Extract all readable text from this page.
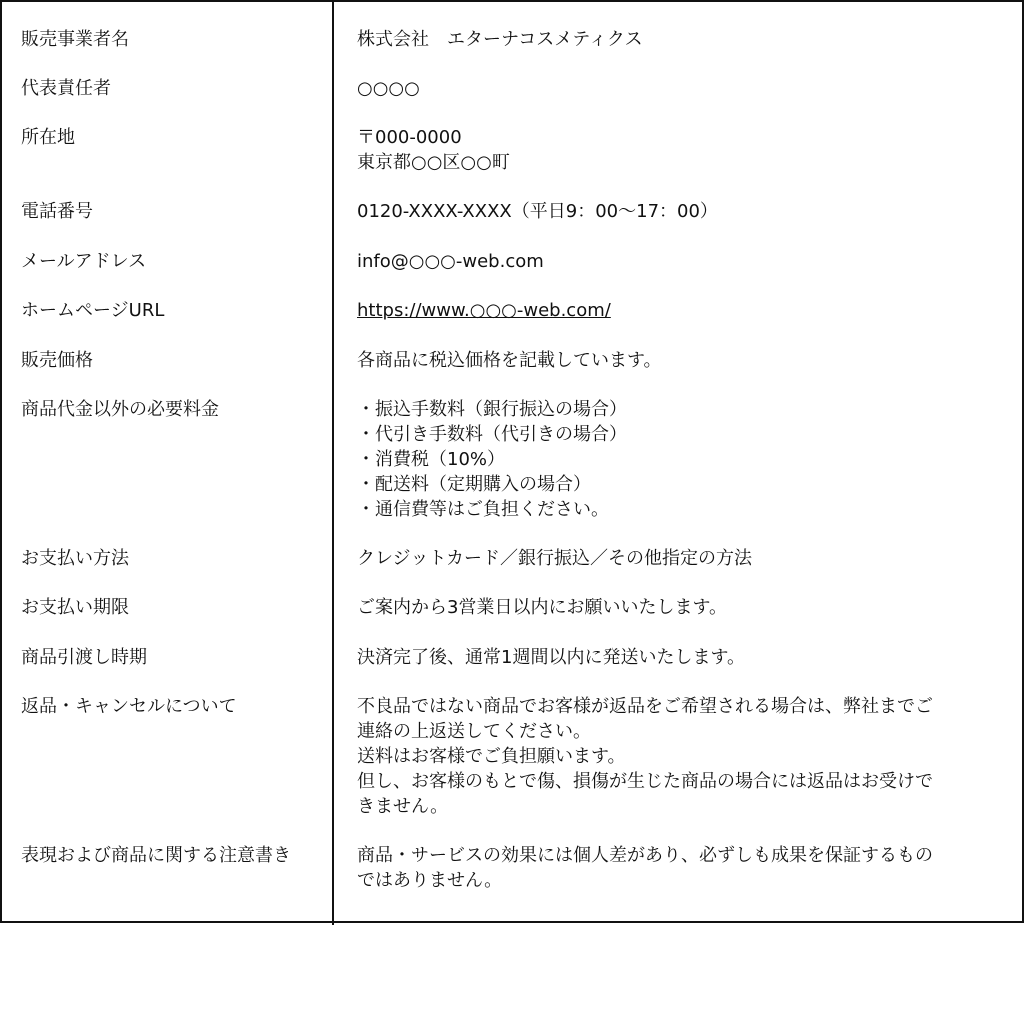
販売事業者名	株式会社　エターナコスメティクス
代表責任者	○○○○
所在地	〒000-0000
東京都○○区○○町
電話番号	0120-XXXX-XXXX（平日9：00〜17：00）
メールアドレス	info@○○○-web.com
ホームページURL	https://www.○○○-web.com/
販売価格	各商品に税込価格を記載しています。
商品代金以外の必要料金	・振込手数料（銀行振込の場合）
・代引き手数料（代引きの場合）
・消費税（10%）
・配送料（定期購入の場合）
・通信費等はご負担ください。
お支払い方法	クレジットカード／銀行振込／その他指定の方法
お支払い期限	ご案内から3営業日以内にお願いいたします。
商品引渡し時期	決済完了後、通常1週間以内に発送いたします。
返品・キャンセルについて	不良品ではない商品でお客様が返品をご希望される場合は、弊社までご
連絡の上返送してください。
送料はお客様でご負担願います。
但し、お客様のもとで傷、損傷が生じた商品の場合には返品はお受けで
きません。
表現および商品に関する注意書き	商品・サービスの効果には個人差があり、必ずしも成果を保証するもの
ではありません。
